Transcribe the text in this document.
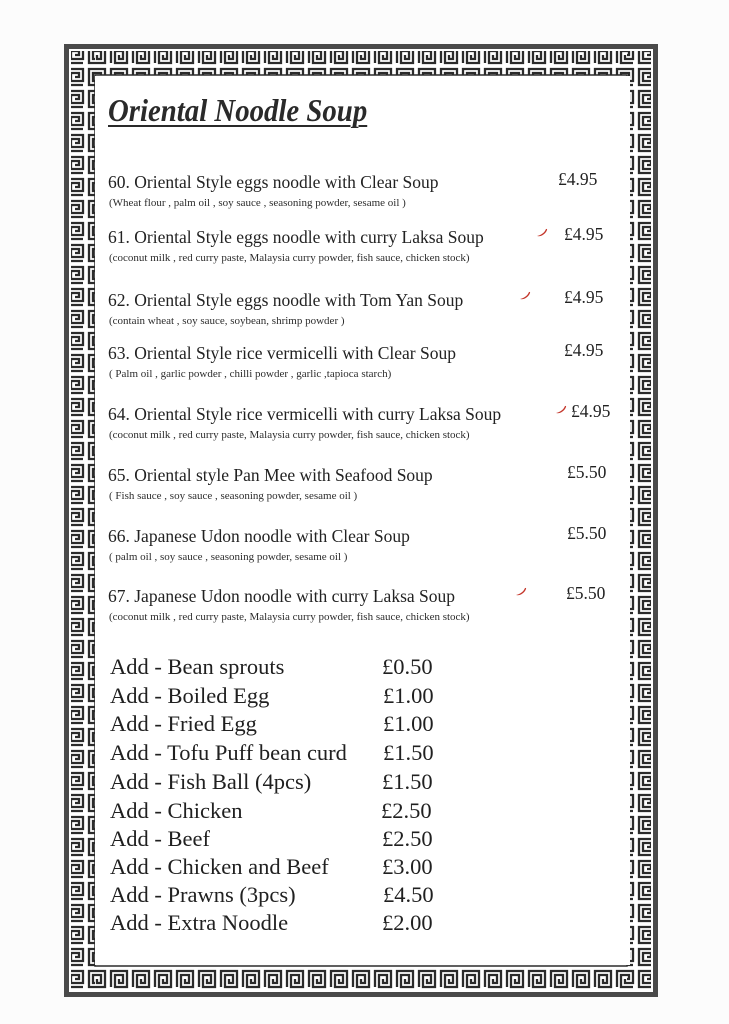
Oriental Noodle Soup
60. Oriental Style eggs noodle with Clear Soup
(Wheat flour , palm oil , soy sauce , seasoning powder, sesame oil )
£4.95
61. Oriental Style eggs noodle with curry Laksa Soup
(coconut milk , red curry paste, Malaysia curry powder, fish sauce, chicken stock)
£4.95
62. Oriental Style eggs noodle with Tom Yan Soup
(contain wheat , soy sauce, soybean, shrimp powder )
£4.95
63. Oriental Style rice vermicelli with Clear Soup
( Palm oil , garlic powder , chilli powder , garlic ,tapioca starch)
£4.95
64. Oriental Style rice vermicelli with curry Laksa Soup
(coconut milk , red curry paste, Malaysia curry powder, fish sauce, chicken stock)
£4.95
65. Oriental style Pan Mee with Seafood Soup
( Fish sauce , soy sauce , seasoning powder, sesame oil )
£5.50
66. Japanese Udon noodle with Clear Soup
( palm oil , soy sauce , seasoning powder, sesame oil )
£5.50
67. Japanese Udon noodle with curry Laksa Soup
(coconut milk , red curry paste, Malaysia curry powder, fish sauce, chicken stock)
£5.50
Add - Bean sprouts	£0.50
Add - Boiled Egg	£1.00
Add - Fried Egg	£1.00
Add - Tofu Puff bean curd £1.50
Add - Fish Ball (4pcs)	£1.50
Add - Chicken	£2.50
Add - Beef	£2.50
Add - Chicken and Beef £3.00
Add - Prawns (3pcs)	£4.50
Add - Extra Noodle	£2.00
